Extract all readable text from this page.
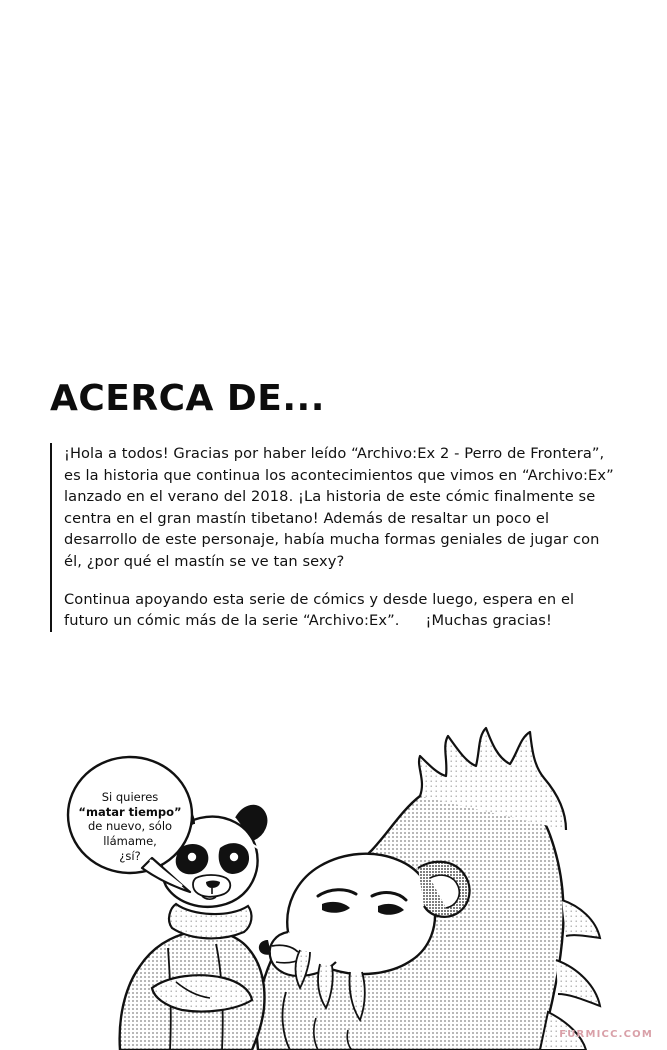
ACERCA DE...

¡Hola a todos! Gracias por haber leído “Archivo:Ex 2 - Perro de Frontera”, es la historia que continua los acontecimientos que vimos en “Archivo:Ex” lanzado en el verano del 2018. ¡La historia de este cómic finalmente se centra en el gran mastín tibetano! Además de resaltar un poco el desarrollo de este personaje, había mucha formas geniales de jugar con él, ¿por qué el mastín se ve tan sexy?

Continua apoyando esta serie de cómics y desde luego, espera en el futuro un cómic más de la serie “Archivo:Ex”. ¡Muchas gracias!

Si quieres
“matar tiempo”
de nuevo, sólo
llámame,
¿sí?
FURMICC.COM
